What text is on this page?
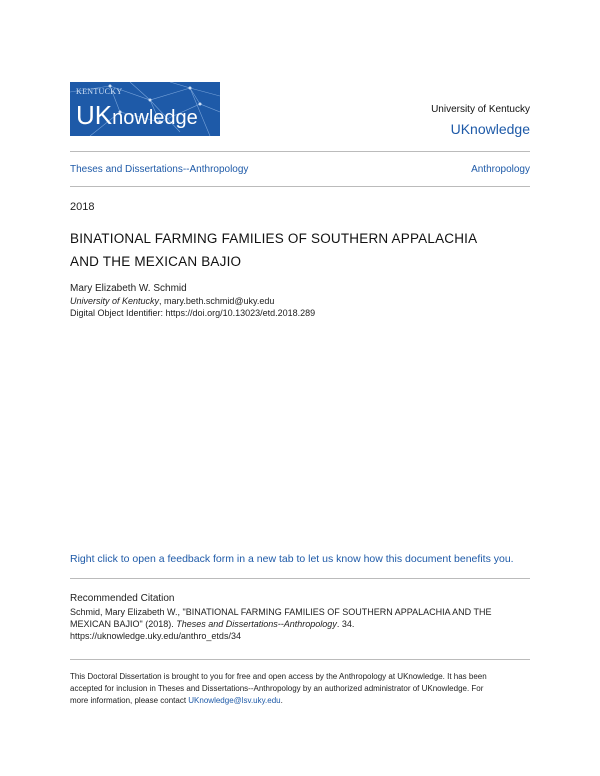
KENTUCKY
UKnowledge	University of Kentucky
UKnowledge
Theses and Dissertations--Anthropology	Anthropology
2018
BINATIONAL FARMING FAMILIES OF SOUTHERN APPALACHIA
AND THE MEXICAN BAJIO
Mary Elizabeth W. Schmid
University of Kentucky, mary.beth.schmid@uky.edu
Digital Object Identifier: https://doi.org/10.13023/etd.2018.289
Right click to open a feedback form in a new tab to let us know how this document benefits you.
Recommended Citation
Schmid, Mary Elizabeth W., "BINATIONAL FARMING FAMILIES OF SOUTHERN APPALACHIA AND THE
MEXICAN BAJIO" (2018). Theses and Dissertations--Anthropology. 34.
https://uknowledge.uky.edu/anthro_etds/34
This Doctoral Dissertation is brought to you for free and open access by the Anthropology at UKnowledge. It has been
accepted for inclusion in Theses and Dissertations--Anthropology by an authorized administrator of UKnowledge. For
more information, please contact UKnowledge@lsv.uky.edu.
